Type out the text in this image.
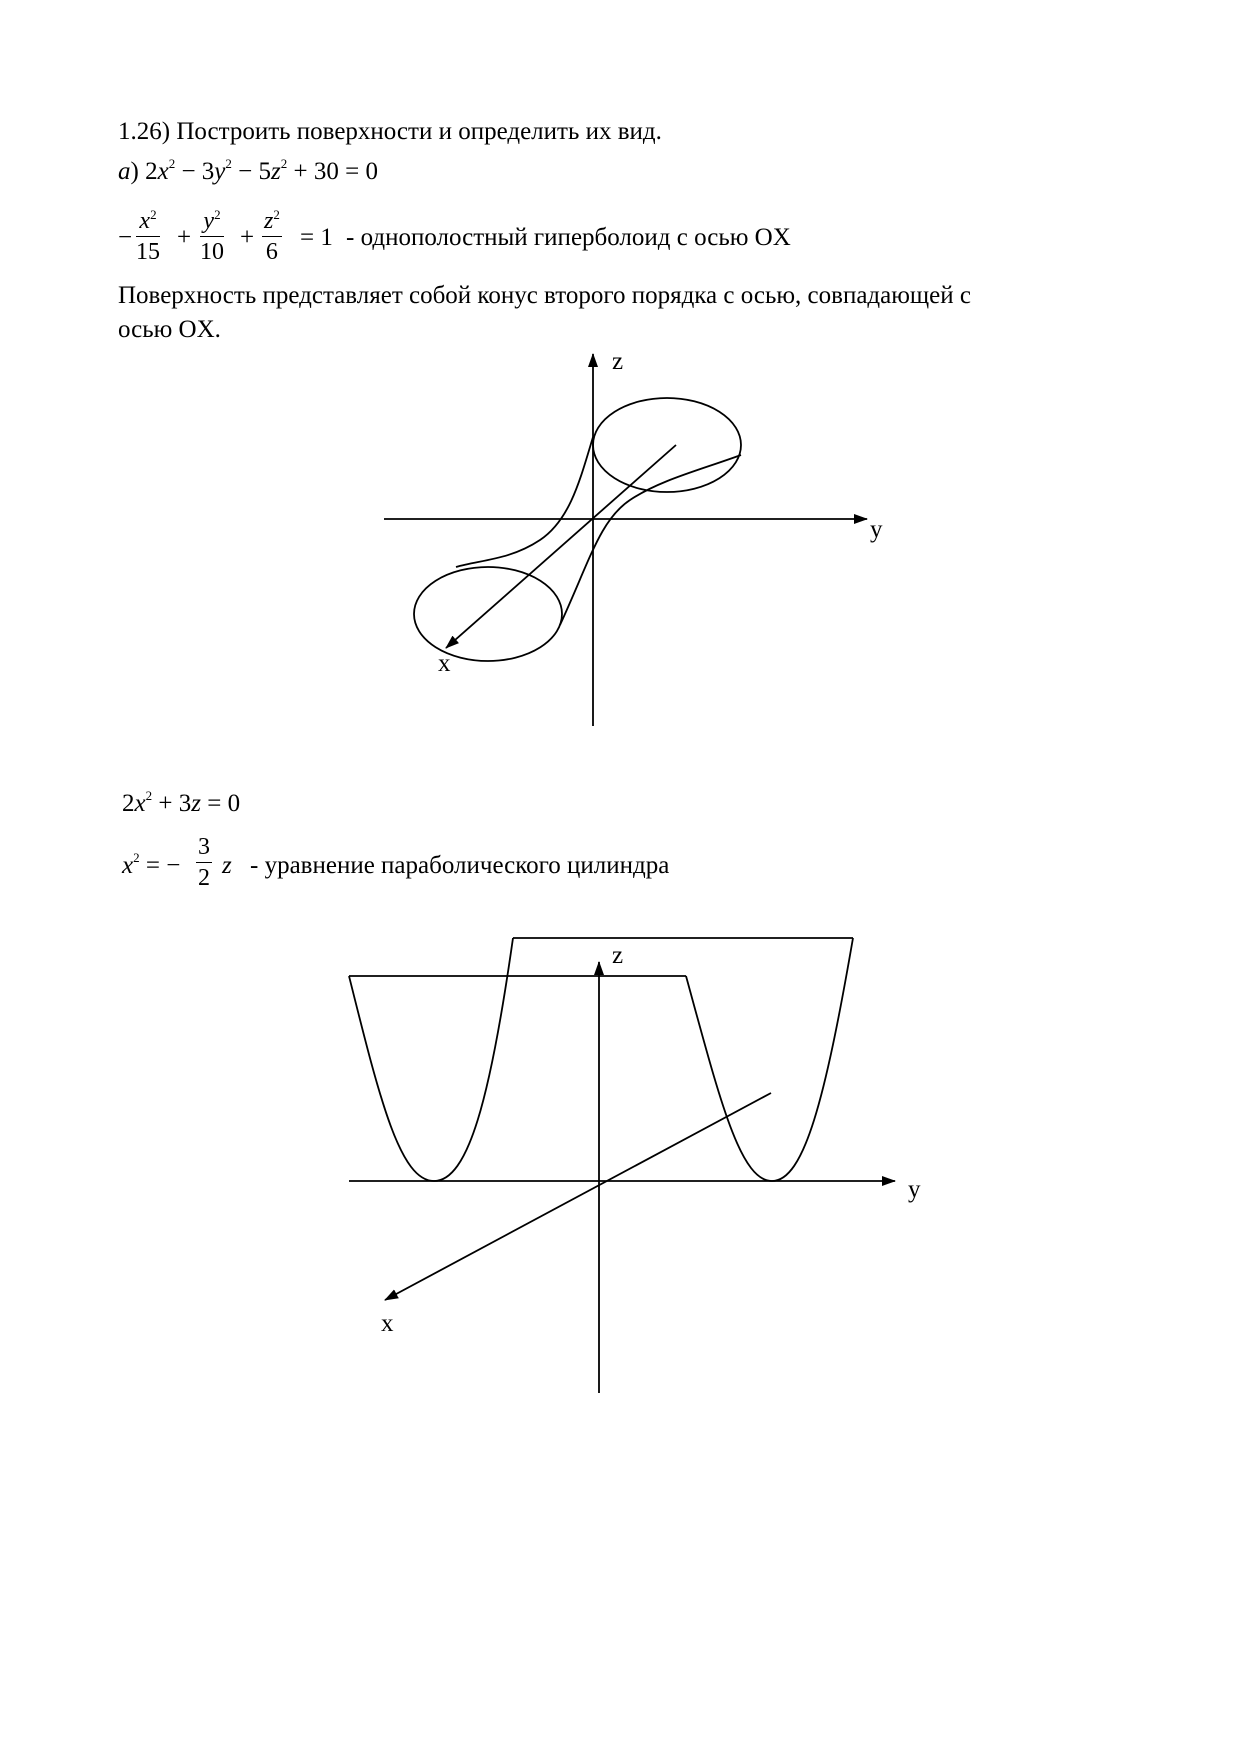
1.26) Построить поверхности и определить их вид.
a) $2x^2 - 3y^2 - 5z^2 + 30 = 0$
− $\frac{x^2}{15} + \frac{y^2}{10} + \frac{z^2}{6} = 1$ - однополостный гиперболоид с осью OX
Поверхность представляет собой конус второго порядка с осью, совпадающей с
осью OX.
z
y
x
$2x^2 + 3z = 0$
$x^2$ = − $\frac{3}{2}$ z - уравнение параболического цилиндра
z
y
x
